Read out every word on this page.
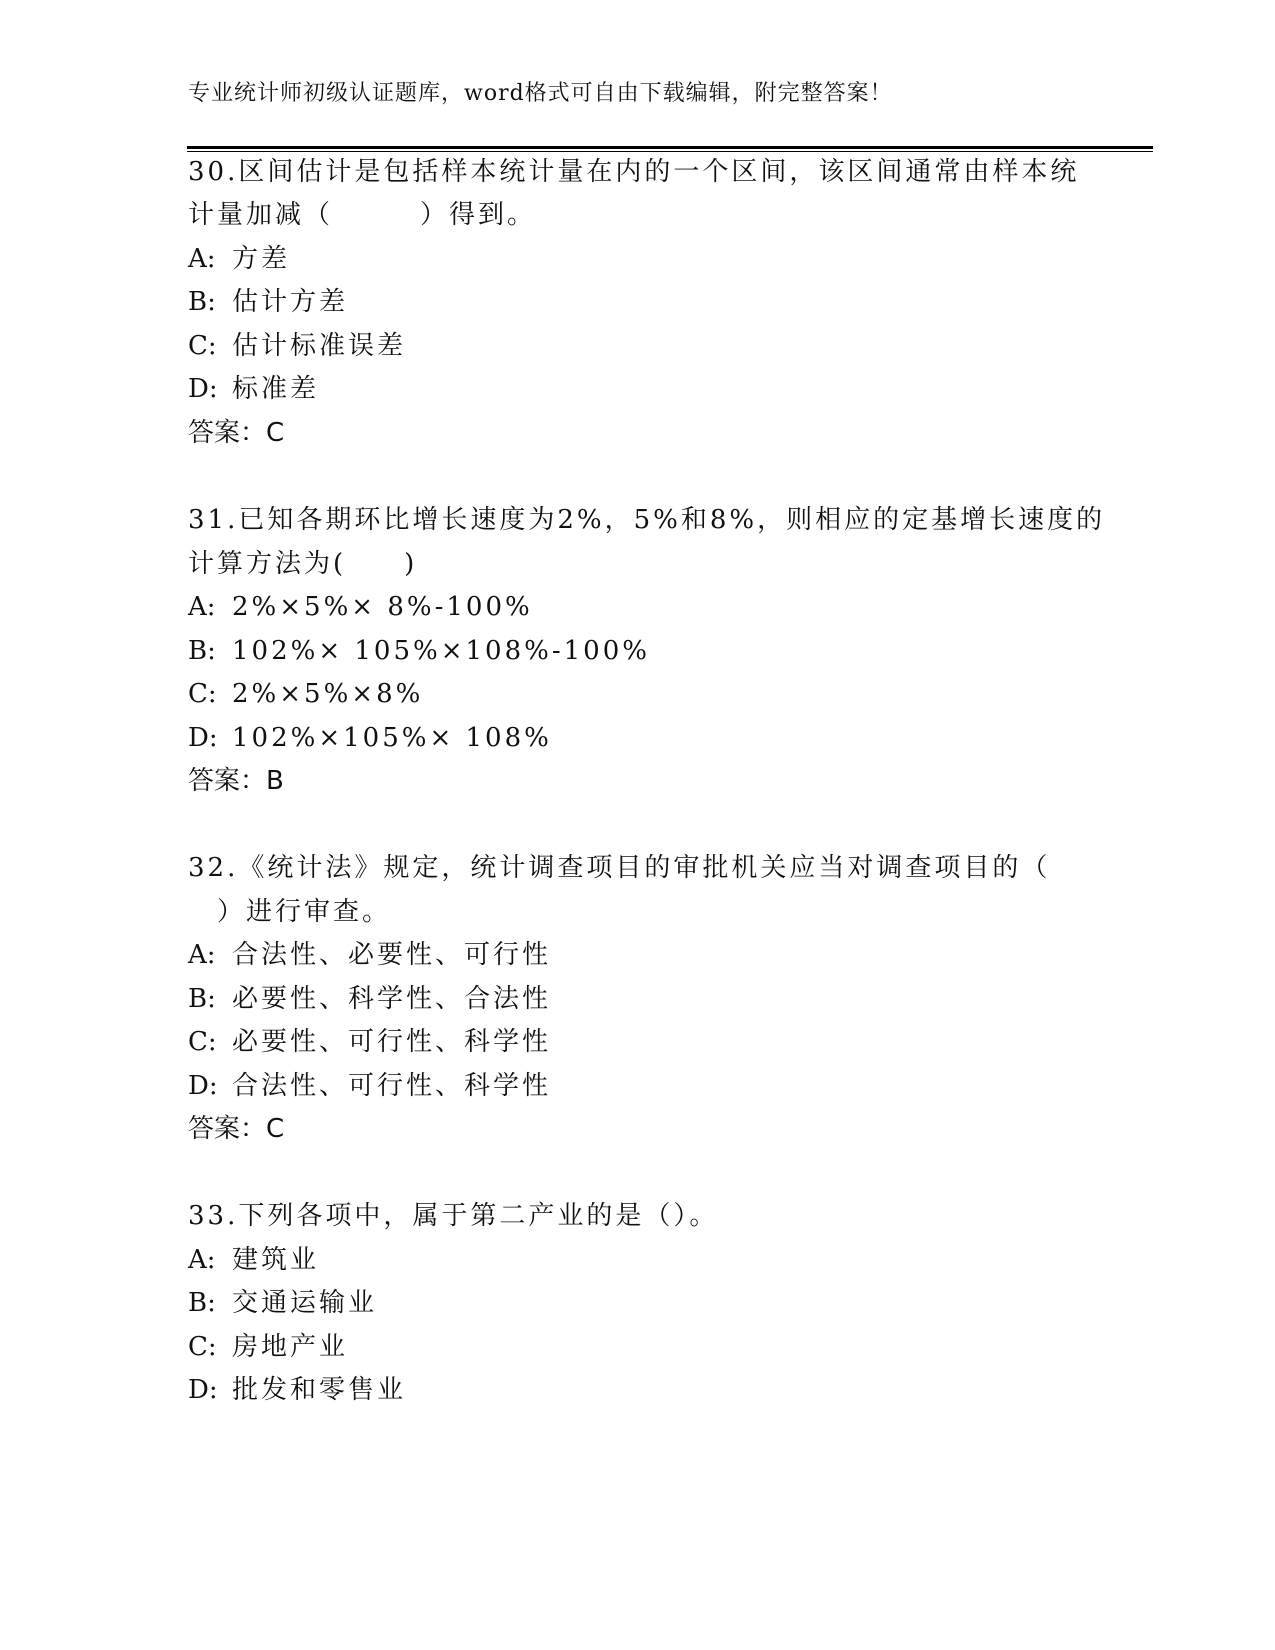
专业统计师初级认证题库，word格式可自由下载编辑，附完整答案！
30.区间估计是包括样本统计量在内的一个区间，该区间通常由样本统
计量加减（　　　）得到。
A: 方差
B: 估计方差
C: 估计标准误差
D: 标准差
答案：C
31.已知各期环比增长速度为2%，5%和8%，则相应的定基增长速度的
计算方法为(　　)
A: 2%×5%× 8%-100%
B: 102%× 105%×108%-100%
C: 2%×5%×8%
D: 102%×105%× 108%
答案：B
32.《统计法》规定，统计调查项目的审批机关应当对调查项目的（
　）进行审查。
A: 合法性、必要性、可行性
B: 必要性、科学性、合法性
C: 必要性、可行性、科学性
D: 合法性、可行性、科学性
答案：C
33.下列各项中，属于第二产业的是（）。
A: 建筑业
B: 交通运输业
C: 房地产业
D: 批发和零售业
